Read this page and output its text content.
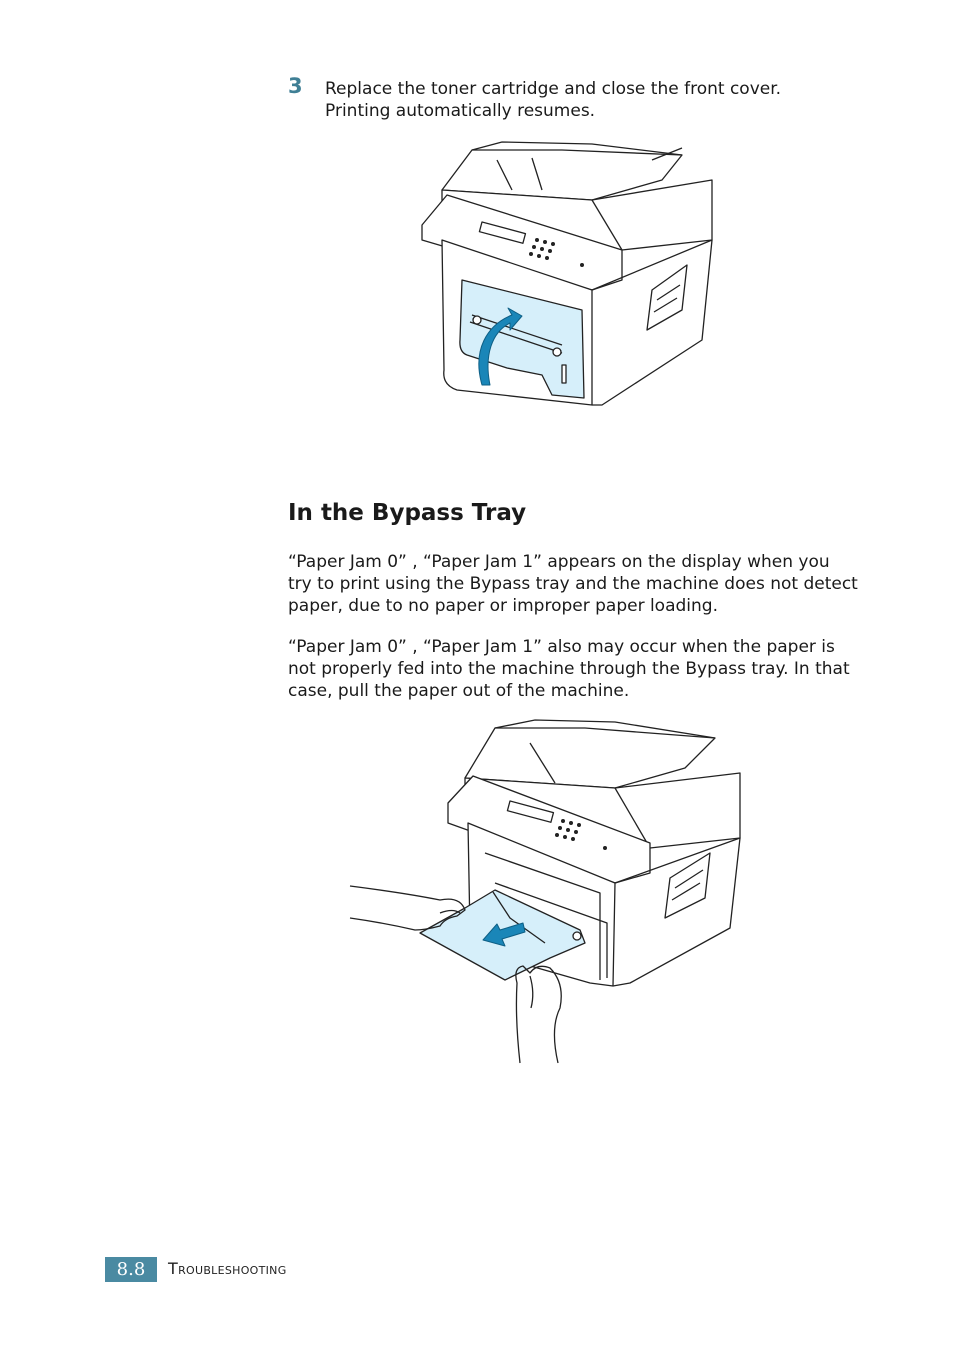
3 Replace the toner cartridge and close the front cover.
Printing automatically resumes.
In the Bypass Tray

“Paper Jam 0” , “Paper Jam 1” appears on the display when you try to print using the Bypass tray and the machine does not detect paper, due to no paper or improper paper loading.

“Paper Jam 0” , “Paper Jam 1” also may occur when the paper is not properly fed into the machine through the Bypass tray. In that case, pull the paper out of the machine.

8.8	Troubleshooting
